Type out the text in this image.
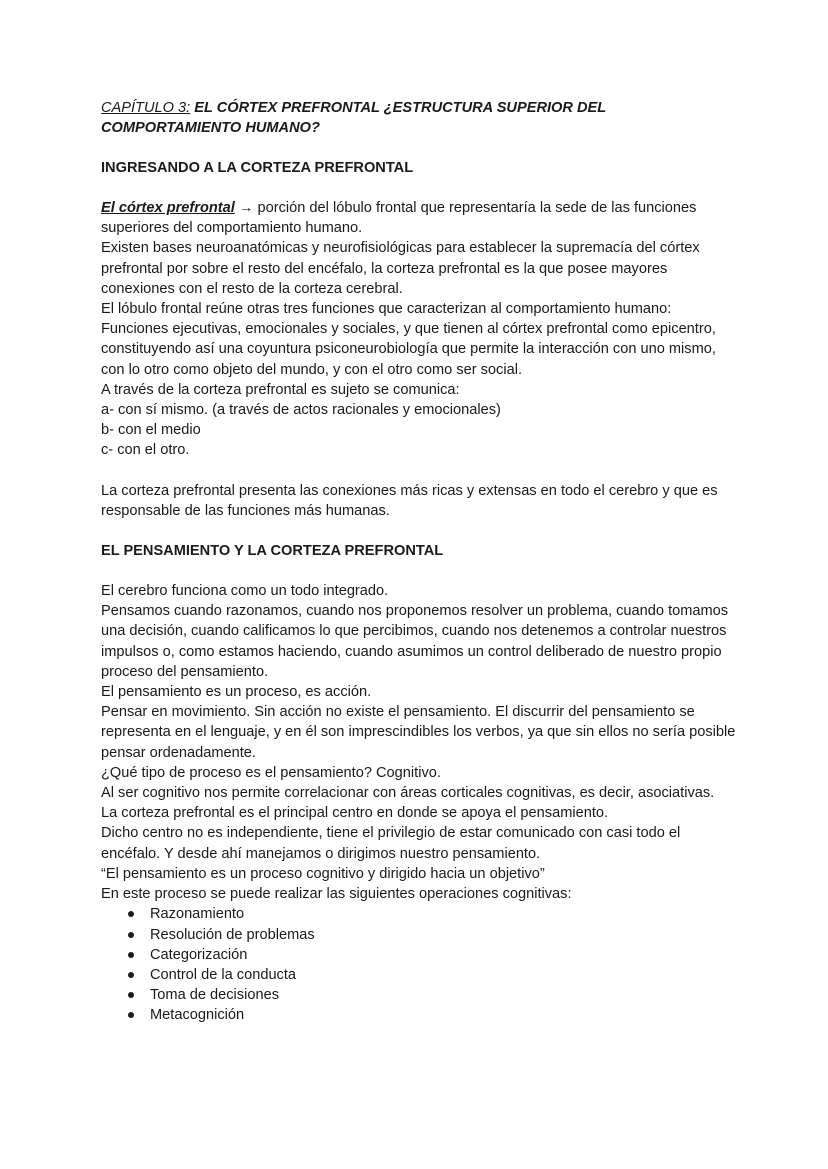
CAPÍTULO 3: EL CÓRTEX PREFRONTAL ¿ESTRUCTURA SUPERIOR DEL COMPORTAMIENTO HUMANO?
INGRESANDO A LA CORTEZA PREFRONTAL

El córtex prefrontal → porción del lóbulo frontal que representaría la sede de las funciones superiores del comportamiento humano.

Existen bases neuroanatómicas y neurofisiológicas para establecer la supremacía del córtex prefrontal por sobre el resto del encéfalo, la corteza prefrontal es la que posee mayores conexiones con el resto de la corteza cerebral.

El lóbulo frontal reúne otras tres funciones que caracterizan al comportamiento humano: Funciones ejecutivas, emocionales y sociales, y que tienen al córtex prefrontal como epicentro, constituyendo así una coyuntura psiconeurobiología que permite la interacción con uno mismo, con lo otro como objeto del mundo, y con el otro como ser social.

A través de la corteza prefrontal es sujeto se comunica:

a- con sí mismo. (a través de actos racionales y emocionales)
b- con el medio
c- con el otro.

La corteza prefrontal presenta las conexiones más ricas y extensas en todo el cerebro y que es responsable de las funciones más humanas.

EL PENSAMIENTO Y LA CORTEZA PREFRONTAL

El cerebro funciona como un todo integrado.

Pensamos cuando razonamos, cuando nos proponemos resolver un problema, cuando tomamos una decisión, cuando calificamos lo que percibimos, cuando nos detenemos a controlar nuestros impulsos o, como estamos haciendo, cuando asumimos un control deliberado de nuestro propio proceso del pensamiento.

El pensamiento es un proceso, es acción.

Pensar en movimiento. Sin acción no existe el pensamiento. El discurrir del pensamiento se representa en el lenguaje, y en él son imprescindibles los verbos, ya que sin ellos no sería posible pensar ordenadamente.

¿Qué tipo de proceso es el pensamiento? Cognitivo.

Al ser cognitivo nos permite correlacionar con áreas corticales cognitivas, es decir, asociativas.

La corteza prefrontal es el principal centro en donde se apoya el pensamiento.

Dicho centro no es independiente, tiene el privilegio de estar comunicado con casi todo el encéfalo. Y desde ahí manejamos o dirigimos nuestro pensamiento.

“El pensamiento es un proceso cognitivo y dirigido hacia un objetivo”

En este proceso se puede realizar las siguientes operaciones cognitivas:

Razonamiento
Resolución de problemas
Categorización
Control de la conducta
Toma de decisiones
Metacognición
